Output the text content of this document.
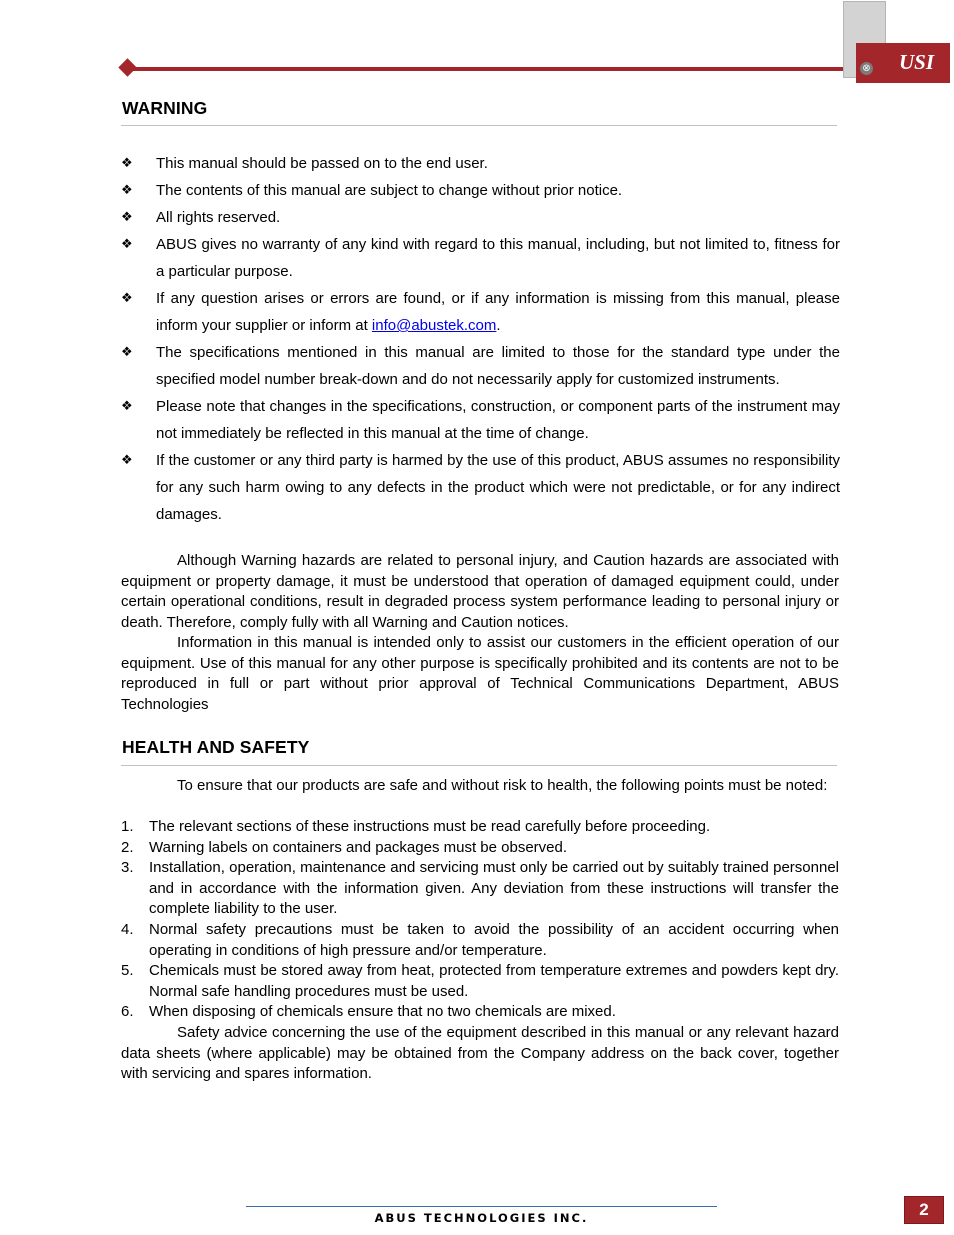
USI
⊗
WARNING
❖ This manual should be passed on to the end user.
❖ The contents of this manual are subject to change without prior notice.
❖ All rights reserved.
❖ ABUS gives no warranty of any kind with regard to this manual, including, but not limited to, fitness for a particular purpose.
❖ If any question arises or errors are found, or if any information is missing from this manual, please inform your supplier or inform at info@abustek.com.
❖ The specifications mentioned in this manual are limited to those for the standard type under the specified model number break-down and do not necessarily apply for customized instruments.
❖ Please note that changes in the specifications, construction, or component parts of the instrument may not immediately be reflected in this manual at the time of change.
❖ If the customer or any third party is harmed by the use of this product, ABUS assumes no responsibility for any such harm owing to any defects in the product which were not predictable, or for any indirect damages.

Although Warning hazards are related to personal injury, and Caution hazards are associated with equipment or property damage, it must be understood that operation of damaged equipment could, under certain operational conditions, result in degraded process system performance leading to personal injury or death. Therefore, comply fully with all Warning and Caution notices.

Information in this manual is intended only to assist our customers in the efficient operation of our equipment. Use of this manual for any other purpose is specifically prohibited and its contents are not to be reproduced in full or part without prior approval of Technical Communications Department, ABUS Technologies

HEALTH AND SAFETY

To ensure that our products are safe and without risk to health, the following points must be noted:

1. The relevant sections of these instructions must be read carefully before proceeding.
2. Warning labels on containers and packages must be observed.
3. Installation, operation, maintenance and servicing must only be carried out by suitably trained personnel and in accordance with the information given. Any deviation from these instructions will transfer the complete liability to the user.
4. Normal safety precautions must be taken to avoid the possibility of an accident occurring when operating in conditions of high pressure and/or temperature.
5. Chemicals must be stored away from heat, protected from temperature extremes and powders kept dry. Normal safe handling procedures must be used.
6. When disposing of chemicals ensure that no two chemicals are mixed.

Safety advice concerning the use of the equipment described in this manual or any relevant hazard data sheets (where applicable) may be obtained from the Company address on the back cover, together with servicing and spares information.

ABUS TECHNOLOGIES INC.	2
